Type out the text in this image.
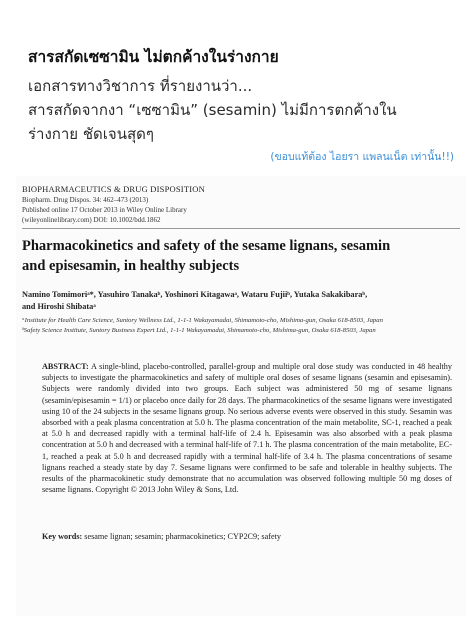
สารสกัดเซซามิน ไม่ตกค้างในร่างกาย
เอกสารทางวิชาการ ที่รายงานว่า...
สารสกัดจากงา “เซซามิน” (sesamin) ไม่มีการตกค้างใน
ร่างกาย ชัดเจนสุดๆ
(ขอบแท้ต้อง ไอยรา แพลนเน็ต เท่านั้น!!)
BIOPHARMACEUTICS & DRUG DISPOSITION
Biopharm. Drug Dispos. 34: 462–473 (2013)
Published online 17 October 2013 in Wiley Online Library
(wileyonlinelibrary.com) DOI: 10.1002/bdd.1862
Pharmacokinetics and safety of the sesame lignans, sesamin
and episesamin, in healthy subjects
Namino Tomimoriᵃ*, Yasuhiro Tanakaᵇ, Yoshinori Kitagawaᵃ, Wataru Fujiiᵇ, Yutaka Sakakibaraᵇ,
and Hiroshi Shibataᵃ
ᵃInstitute for Health Care Science, Suntory Wellness Ltd., 1-1-1 Wakayamadai, Shimamoto-cho, Mishima-gun, Osaka 618-8503, Japan
ᵇSafety Science Institute, Suntory Business Expert Ltd., 1-1-1 Wakayamadai, Shimamoto-cho, Mishima-gun, Osaka 618-8503, Japan
ABSTRACT: A single-blind, placebo-controlled, parallel-group and multiple oral dose study was conducted in 48 healthy subjects to investigate the pharmacokinetics and safety of multiple oral doses of sesame lignans (sesamin and episesamin). Subjects were randomly divided into two groups. Each subject was administered 50 mg of sesame lignans (sesamin/episesamin = 1/1) or placebo once daily for 28 days. The pharmacokinetics of the sesame lignans were investigated using 10 of the 24 subjects in the sesame lignans group. No serious adverse events were observed in this study. Sesamin was absorbed with a peak plasma concentration at 5.0 h. The plasma concentration of the main metabolite, SC-1, reached a peak at 5.0 h and decreased rapidly with a terminal half-life of 2.4 h. Episesamin was also absorbed with a peak plasma concentration at 5.0 h and decreased with a terminal half-life of 7.1 h. The plasma concentration of the main metabolite, EC-1, reached a peak at 5.0 h and decreased rapidly with a terminal half-life of 3.4 h. The plasma concentrations of sesame lignans reached a steady state by day 7. Sesame lignans were confirmed to be safe and tolerable in healthy subjects. The results of the pharmacokinetic study demonstrate that no accumulation was observed following multiple 50 mg doses of sesame lignans. Copyright © 2013 John Wiley & Sons, Ltd.
Key words: sesame lignan; sesamin; pharmacokinetics; CYP2C9; safety
